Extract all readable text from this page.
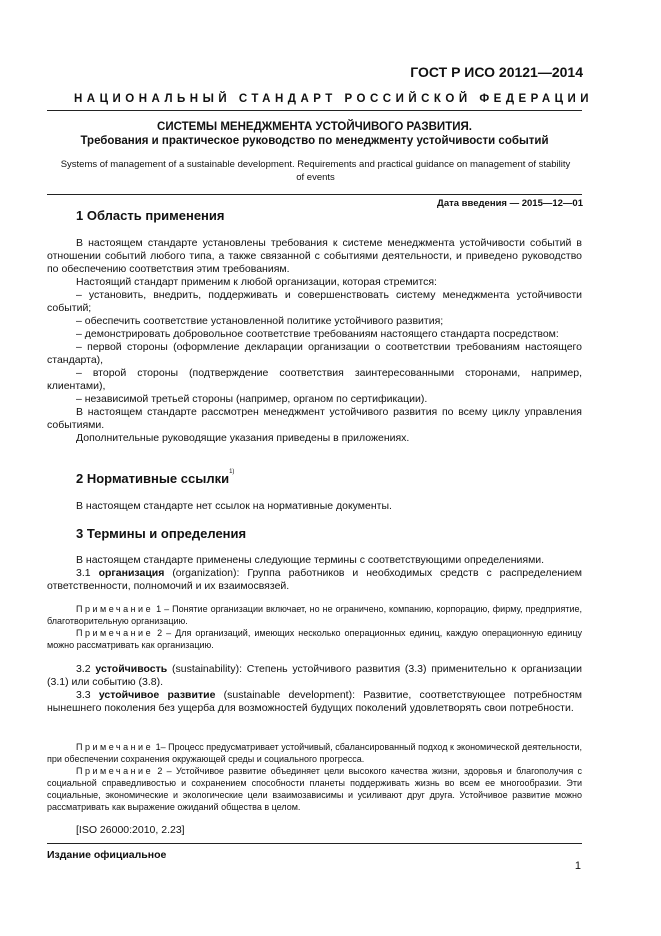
ГОСТ Р ИСО 20121—2014
НАЦИОНАЛЬНЫЙ СТАНДАРТ РОССИЙСКОЙ ФЕДЕРАЦИИ
СИСТЕМЫ МЕНЕДЖМЕНТА УСТОЙЧИВОГО РАЗВИТИЯ.
Требования и практическое руководство по менеджменту устойчивости событий
Systems of management of a sustainable development. Requirements and practical guidance on management of stability of events
Дата введения — 2015—12—01
1 Область применения

В настоящем стандарте установлены требования к системе менеджмента устойчивости событий в отношении событий любого типа, а также связанной с событиями деятельности, и приведено руководство по обеспечению соответствия этим требованиям.

Настоящий стандарт применим к любой организации, которая стремится:

– установить, внедрить, поддерживать и совершенствовать систему менеджмента устойчивости событий;

– обеспечить соответствие установленной политике устойчивого развития;

– демонстрировать добровольное соответствие требованиям настоящего стандарта посредством:

– первой стороны (оформление декларации организации о соответствии требованиям настоящего стандарта),

– второй стороны (подтверждение соответствия заинтересованными сторонами, например, клиентами),

– независимой третьей стороны (например, органом по сертификации).

В настоящем стандарте рассмотрен менеджмент устойчивого развития по всему циклу управления событиями.

Дополнительные руководящие указания приведены в приложениях.

2 Нормативные ссылки$^{1)}$

В настоящем стандарте нет ссылок на нормативные документы.

3 Термины и определения

В настоящем стандарте применены следующие термины с соответствующими определениями.

3.1 организация (organization): Группа работников и необходимых средств с распределением ответственности, полномочий и их взаимосвязей.

Примечание 1 – Понятие организации включает, но не ограничено, компанию, корпорацию, фирму, предприятие, благотворительную организацию.

Примечание 2 – Для организаций, имеющих несколько операционных единиц, каждую операционную единицу можно рассматривать как организацию.

3.2 устойчивость (sustainability): Степень устойчивого развития (3.3) применительно к организации (3.1) или событию (3.8).

3.3 устойчивое развитие (sustainable development): Развитие, соответствующее потребностям нынешнего поколения без ущерба для возможностей будущих поколений удовлетворять свои потребности.

Примечание 1– Процесс предусматривает устойчивый, сбалансированный подход к экономической деятельности, при обеспечении сохранения окружающей среды и социального прогресса.

Примечание 2 – Устойчивое развитие объединяет цели высокого качества жизни, здоровья и благополучия с социальной справедливостью и сохранением способности планеты поддерживать жизнь во всем ее многообразии. Эти социальные, экономические и экологические цели взаимозависимы и усиливают друг друга. Устойчивое развитие можно рассматривать как выражение ожиданий общества в целом.

[ISO 26000:2010, 2.23]

Издание официальное
1
